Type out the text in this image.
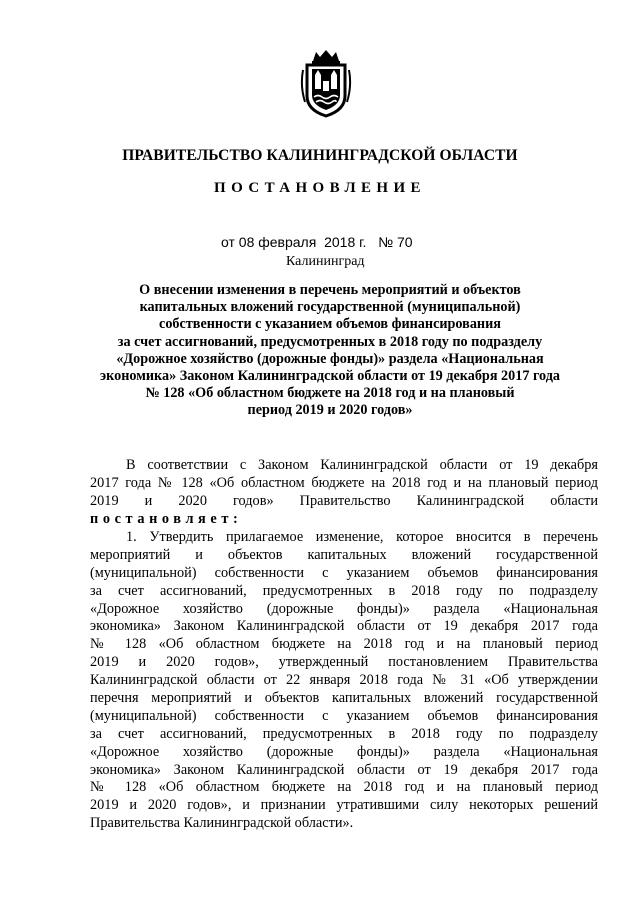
ПРАВИТЕЛЬСТВО КАЛИНИНГРАДСКОЙ ОБЛАСТИ
ПОСТАНОВЛЕНИЕ
от 08 февраля  2018 г.   № 70
Калининград
О внесении изменения в перечень мероприятий и объектов
капитальных вложений государственной (муниципальной)
собственности с указанием объемов финансирования
за счет ассигнований, предусмотренных в 2018 году по подразделу
«Дорожное хозяйство (дорожные фонды)» раздела «Национальная
экономика» Законом Калининградской области от 19 декабря 2017 года
№ 128 «Об областном бюджете на 2018 год и на плановый
период 2019 и 2020 годов»
В соответствии с Законом Калининградской области от 19 декабря
2017 года № 128 «Об областном бюджете на 2018 год и на плановый период
2019 и 2020 годов» Правительство Калининградской области
постановляет:
1. Утвердить прилагаемое изменение, которое вносится в перечень
мероприятий и объектов капитальных вложений государственной
(муниципальной) собственности с указанием объемов финансирования
за счет ассигнований, предусмотренных в 2018 году по подразделу
«Дорожное хозяйство (дорожные фонды)» раздела «Национальная
экономика» Законом Калининградской области от 19 декабря 2017 года
№ 128 «Об областном бюджете на 2018 год и на плановый период
2019 и 2020 годов», утвержденный постановлением Правительства
Калининградской области от 22 января 2018 года № 31 «Об утверждении
перечня мероприятий и объектов капитальных вложений государственной
(муниципальной) собственности с указанием объемов финансирования
за счет ассигнований, предусмотренных в 2018 году по подразделу
«Дорожное хозяйство (дорожные фонды)» раздела «Национальная
экономика» Законом Калининградской области от 19 декабря 2017 года
№ 128 «Об областном бюджете на 2018 год и на плановый период
2019 и 2020 годов», и признании утратившими силу некоторых решений
Правительства Калининградской области».
